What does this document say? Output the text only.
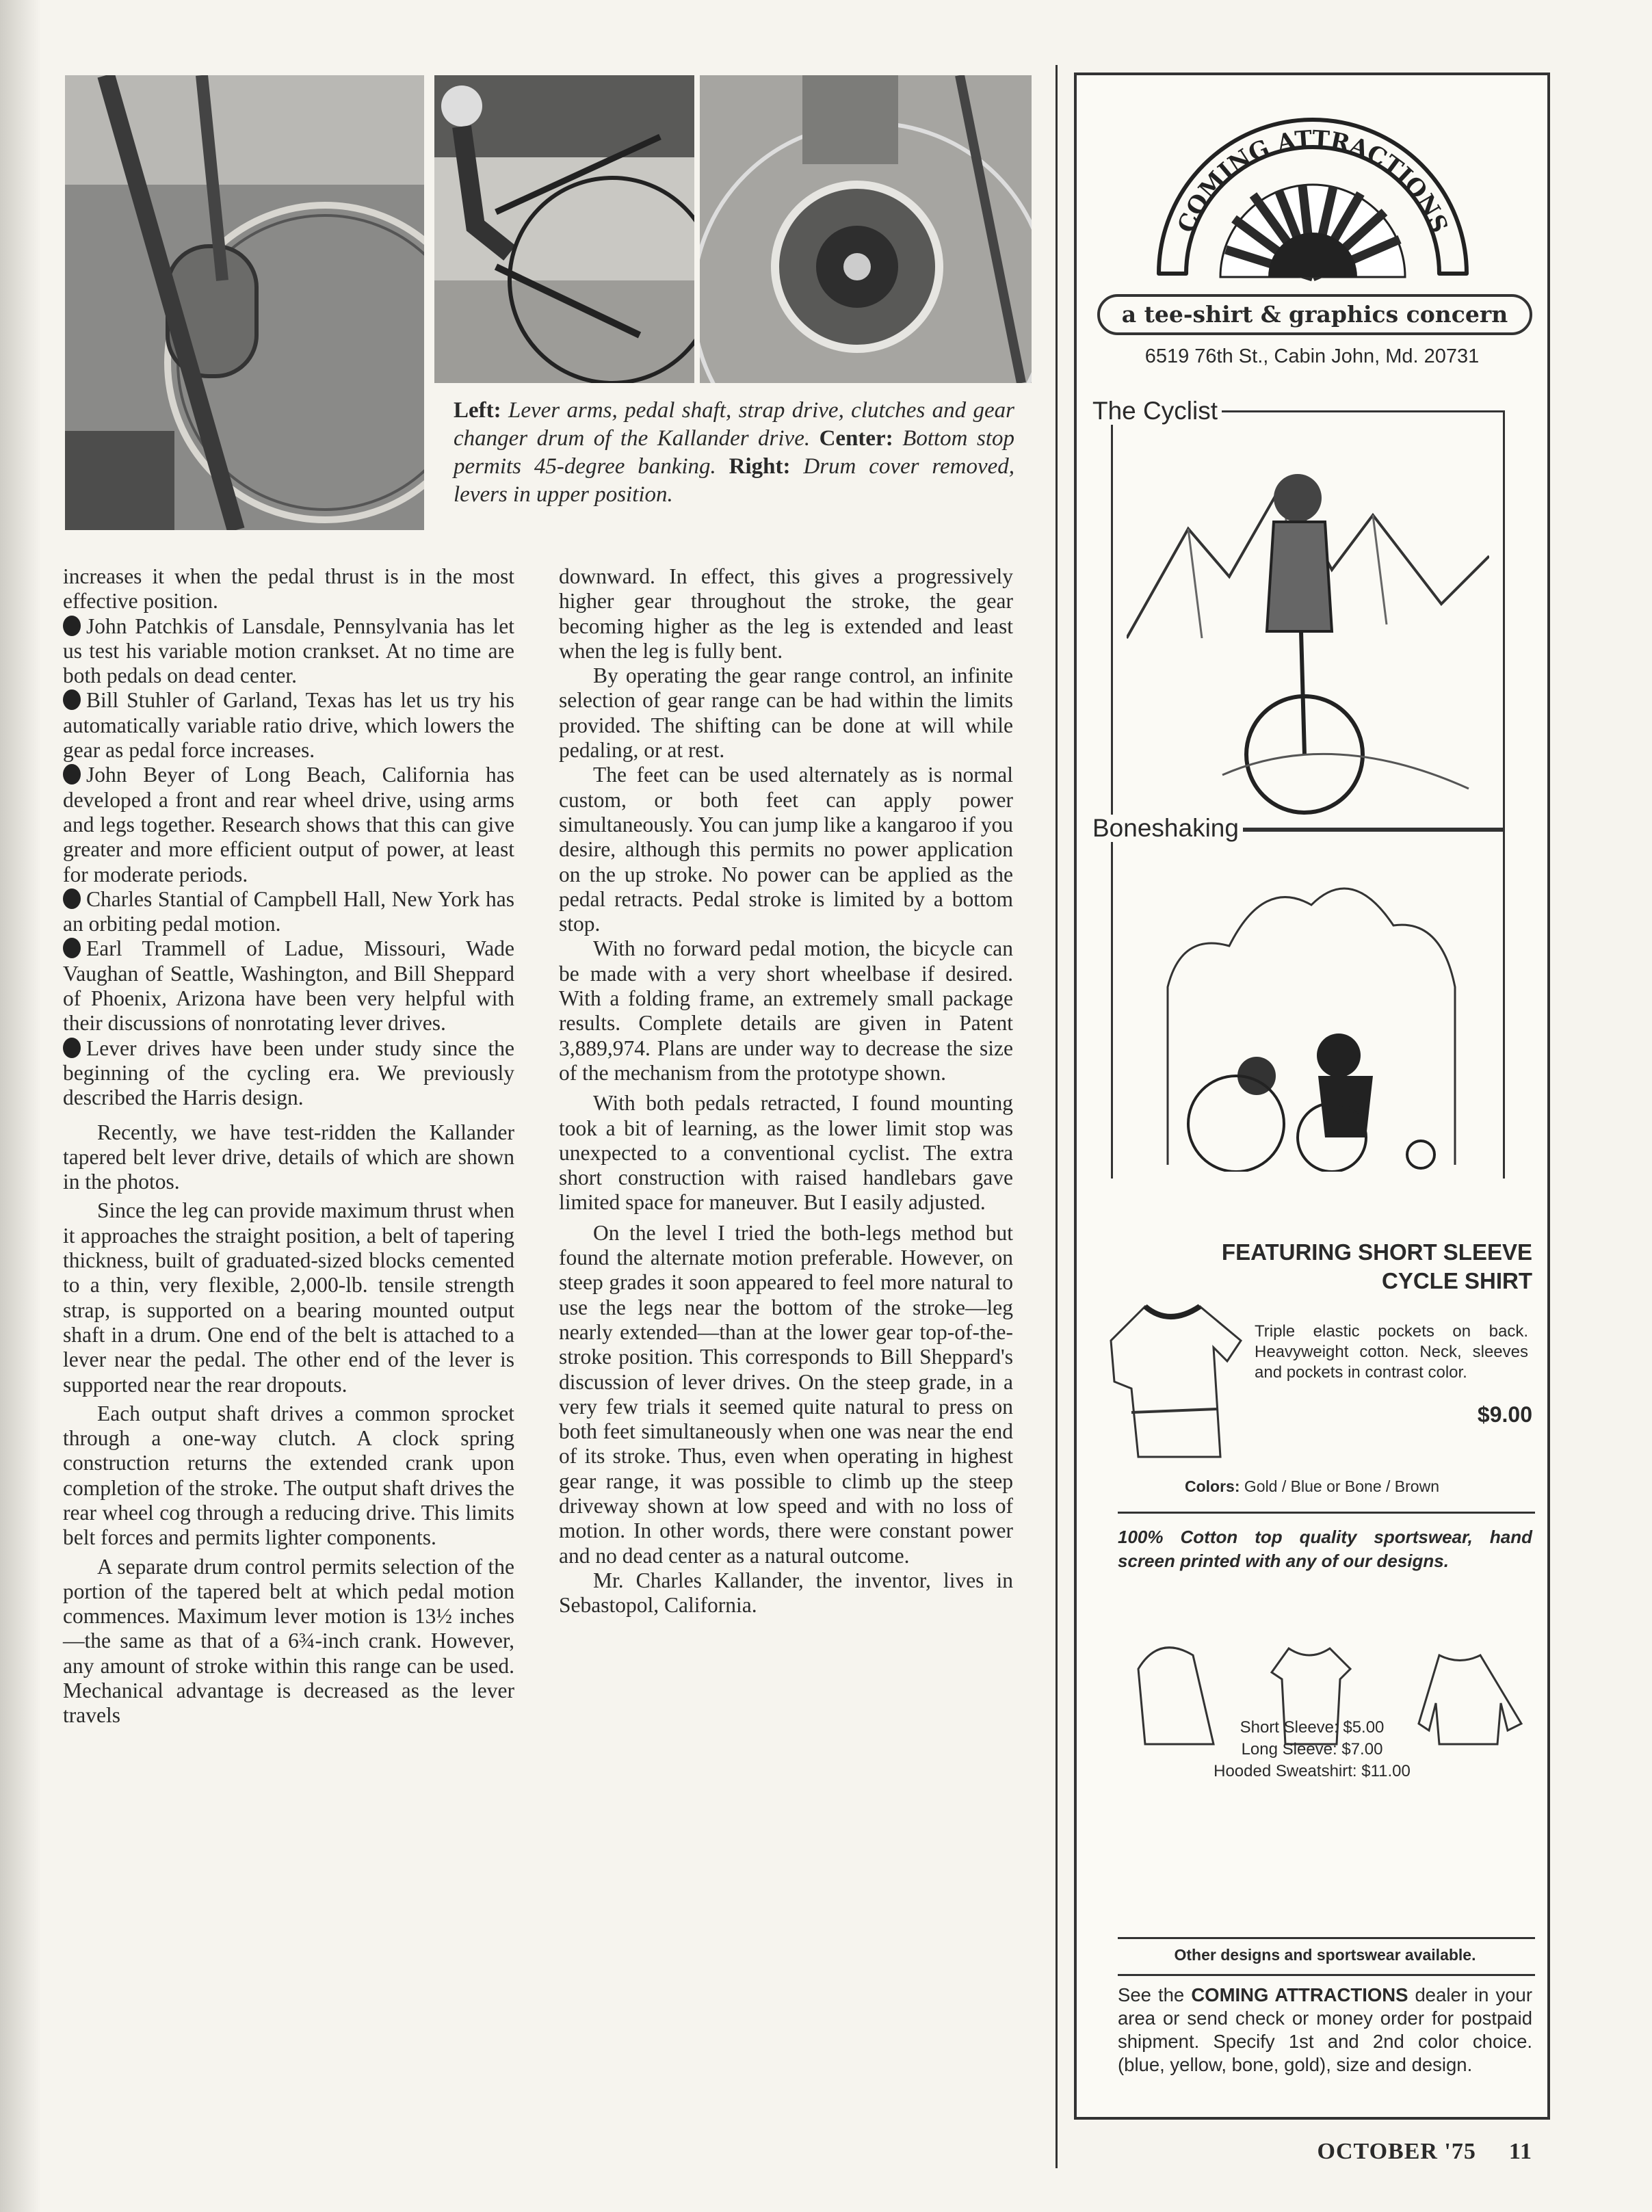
Left: Lever arms, pedal shaft, strap drive, clutches and gear changer drum of the Kallander drive. Center: Bottom stop permits 45-degree banking. Right: Drum cover removed, levers in upper position.

increases it when the pedal thrust is in the most effective position.

John Patchkis of Lansdale, Pennsylvania has let us test his variable motion crankset. At no time are both pedals on dead center.

Bill Stuhler of Garland, Texas has let us try his automatically variable ratio drive, which lowers the gear as pedal force increases.

John Beyer of Long Beach, California has developed a front and rear wheel drive, using arms and legs together. Research shows that this can give greater and more efficient output of power, at least for moderate periods.

Charles Stantial of Campbell Hall, New York has an orbiting pedal motion.

Earl Trammell of Ladue, Missouri, Wade Vaughan of Seattle, Washington, and Bill Sheppard of Phoenix, Arizona have been very helpful with their discussions of nonrotating lever drives.

Lever drives have been under study since the beginning of the cycling era. We previously described the Harris design.

Recently, we have test-ridden the Kallander tapered belt lever drive, details of which are shown in the photos.

Since the leg can provide maximum thrust when it approaches the straight position, a belt of tapering thickness, built of graduated-sized blocks cemented to a thin, very flexible, 2,000-lb. tensile strength strap, is supported on a bearing mounted output shaft in a drum. One end of the belt is attached to a lever near the pedal. The other end of the lever is supported near the rear dropouts.

Each output shaft drives a common sprocket through a one-way clutch. A clock spring construction returns the extended crank upon completion of the stroke. The output shaft drives the rear wheel cog through a reducing drive. This limits belt forces and permits lighter components.

A separate drum control permits selection of the portion of the tapered belt at which pedal motion commences. Maximum lever motion is 13½ inches—the same as that of a 6¾-inch crank. However, any amount of stroke within this range can be used. Mechanical advantage is decreased as the lever travels

downward. In effect, this gives a progressively higher gear throughout the stroke, the gear becoming higher as the leg is extended and least when the leg is fully bent.

By operating the gear range control, an infinite selection of gear range can be had within the limits provided. The shifting can be done at will while pedaling, or at rest.

The feet can be used alternately as is normal custom, or both feet can apply power simultaneously. You can jump like a kangaroo if you desire, although this permits no power application on the up stroke. No power can be applied as the pedal retracts. Pedal stroke is limited by a bottom stop.

With no forward pedal motion, the bicycle can be made with a very short wheelbase if desired. With a folding frame, an extremely small package results. Complete details are given in Patent 3,889,974. Plans are under way to decrease the size of the mechanism from the prototype shown.

With both pedals retracted, I found mounting took a bit of learning, as the lower limit stop was unexpected to a conventional cyclist. The extra short construction with raised handlebars gave limited space for maneuver. But I easily adjusted.

On the level I tried the both-legs method but found the alternate motion preferable. However, on steep grades it soon appeared to feel more natural to use the legs near the bottom of the stroke—leg nearly extended—than at the lower gear top-of-the-stroke position. This corresponds to Bill Sheppard's discussion of lever drives. On the steep grade, in a very few trials it seemed quite natural to press on both feet simultaneously when one was near the end of its stroke. Thus, even when operating in highest gear range, it was possible to climb up the steep driveway shown at low speed and with no loss of motion. In other words, there were constant power and no dead center as a natural outcome.

Mr. Charles Kallander, the inventor, lives in Sebastopol, California.

COMING ATTRACTIONS
a tee-shirt & graphics concern
6519 76th St., Cabin John, Md. 20731
The Cyclist
Boneshaking
FEATURING SHORT SLEEVE
CYCLE SHIRT
Triple elastic pockets on back. Heavyweight cotton. Neck, sleeves and pockets in contrast color.
$9.00
Colors: Gold / Blue or Bone / Brown
100% Cotton top quality sportswear, hand screen printed with any of our designs.
Short Sleeve: $5.00
Long Sleeve: $7.00
Hooded Sweatshirt: $11.00
Other designs and sportswear available.
See the COMING ATTRACTIONS dealer in your area or send check or money order for postpaid shipment. Specify 1st and 2nd color choice. (blue, yellow, bone, gold), size and design.
OCTOBER '75 11
